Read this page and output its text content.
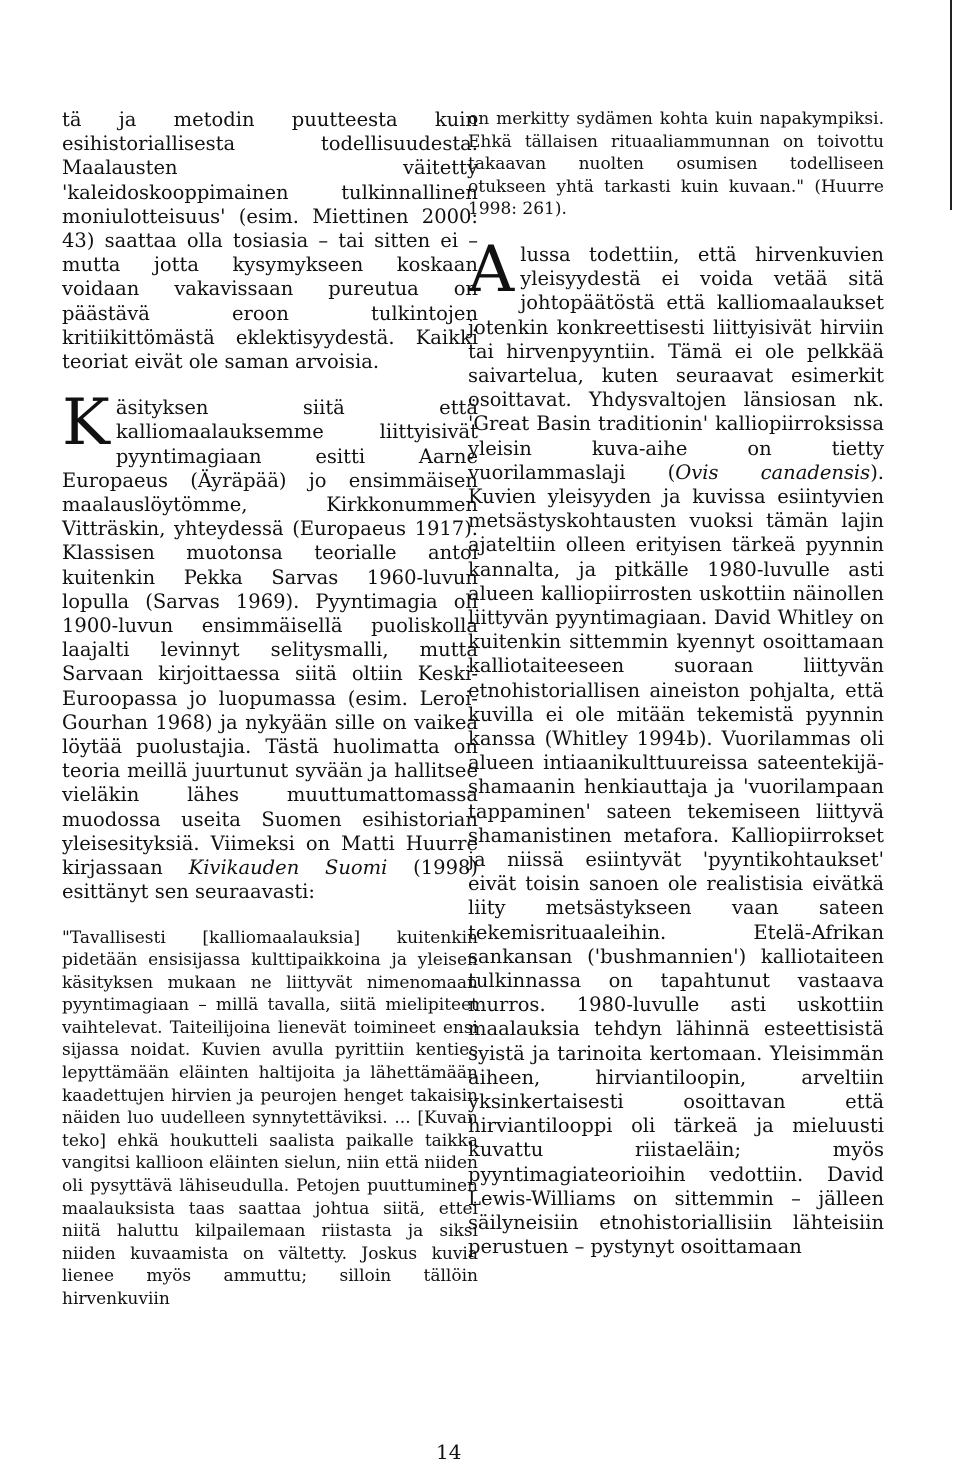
tä ja metodin puutteesta kuin esihistoriallisesta todellisuudesta. Maalausten väitetty 'kaleidoskooppimainen tulkinnallinen moniulotteisuus' (esim. Miettinen 2000: 43) saattaa olla tosiasia – tai sitten ei – mutta jotta kysymykseen koskaan voidaan vakavissaan pureutua on päästävä eroon tulkintojen kritiikittömästä eklektisyydestä. Kaikki teoriat eivät ole saman arvoisia.

Käsityksen siitä että kalliomaalauksemme liittyisivät pyyntimagiaan esitti Aarne Europaeus (Äyräpää) jo ensimmäisen maalauslöytömme, Kirkkonummen Vitträskin, yhteydessä (Europaeus 1917). Klassisen muotonsa teorialle antoi kuitenkin Pekka Sarvas 1960-luvun lopulla (Sarvas 1969). Pyyntimagia oli 1900-luvun ensimmäisellä puoliskolla laajalti levinnyt selitysmalli, mutta Sarvaan kirjoittaessa siitä oltiin Keski-Euroopassa jo luopumassa (esim. Leroi-Gourhan 1968) ja nykyään sille on vaikea löytää puolustajia. Tästä huolimatta on teoria meillä juurtunut syvään ja hallitsee vieläkin lähes muuttumattomassa muodossa useita Suomen esihistorian yleisesityksiä. Viimeksi on Matti Huurre kirjassaan Kivikauden Suomi (1998) esittänyt sen seuraavasti:

"Tavallisesti [kalliomaalauksia] kuitenkin pidetään ensisijassa kulttipaikkoina ja yleisen käsityksen mukaan ne liittyvät nimenomaan pyyntimagiaan – millä tavalla, siitä mielipiteet vaihtelevat. Taiteilijoina lienevät toimineet ensi sijassa noidat. Kuvien avulla pyrittiin kenties lepyttämään eläinten haltijoita ja lähettämään kaadettujen hirvien ja peurojen henget takaisin näiden luo uudelleen synnytettäviksi. ... [Kuvan teko] ehkä houkutteli saalista paikalle taikka vangitsi kallioon eläinten sielun, niin että niiden oli pysyttävä lähiseudulla. Petojen puuttuminen maalauksista taas saattaa johtua siitä, ettei niitä haluttu kilpailemaan riistasta ja siksi niiden kuvaamista on vältetty. Joskus kuvia lienee myös ammuttu; silloin tällöin hirvenkuviin

on merkitty sydämen kohta kuin napakympiksi. Ehkä tällaisen rituaaliammunnan on toivottu takaavan nuolten osumisen todelliseen otukseen yhtä tarkasti kuin kuvaan." (Huurre 1998: 261).

Alussa todettiin, että hirvenkuvien yleisyydestä ei voida vetää sitä johtopäätöstä että kalliomaalaukset jotenkin konkreettisesti liittyisivät hirviin tai hirvenpyyntiin. Tämä ei ole pelkkää saivartelua, kuten seuraavat esimerkit osoittavat. Yhdysvaltojen länsiosan nk. 'Great Basin traditionin' kalliopiirroksissa yleisin kuva-aihe on tietty vuorilammaslaji (Ovis canadensis). Kuvien yleisyyden ja kuvissa esiintyvien metsästyskohtausten vuoksi tämän lajin ajateltiin olleen erityisen tärkeä pyynnin kannalta, ja pitkälle 1980-luvulle asti alueen kalliopiirrosten uskottiin näinollen liittyvän pyyntimagiaan. David Whitley on kuitenkin sittemmin kyennyt osoittamaan kalliotaiteeseen suoraan liittyvän etnohistoriallisen aineiston pohjalta, että kuvilla ei ole mitään tekemistä pyynnin kanssa (Whitley 1994b). Vuorilammas oli alueen intiaanikulttuureissa sateentekijä-shamaanin henkiauttaja ja 'vuorilampaan tappaminen' sateen tekemiseen liittyvä shamanistinen metafora. Kalliopiirrokset ja niissä esiintyvät 'pyyntikohtaukset' eivät toisin sanoen ole realistisia eivätkä liity metsästykseen vaan sateen tekemisrituaaleihin. Etelä-Afrikan sankansan ('bushmannien') kalliotaiteen tulkinnassa on tapahtunut vastaava murros. 1980-luvulle asti uskottiin maalauksia tehdyn lähinnä esteettisistä syistä ja tarinoita kertomaan. Yleisimmän aiheen, hirviantiloopin, arveltiin yksinkertaisesti osoittavan että hirviantilooppi oli tärkeä ja mieluusti kuvattu riistaeläin; myös pyyntimagiateorioihin vedottiin. David Lewis-Williams on sittemmin – jälleen säilyneisiin etnohistoriallisiin lähteisiin perustuen – pystynyt osoittamaan

14
